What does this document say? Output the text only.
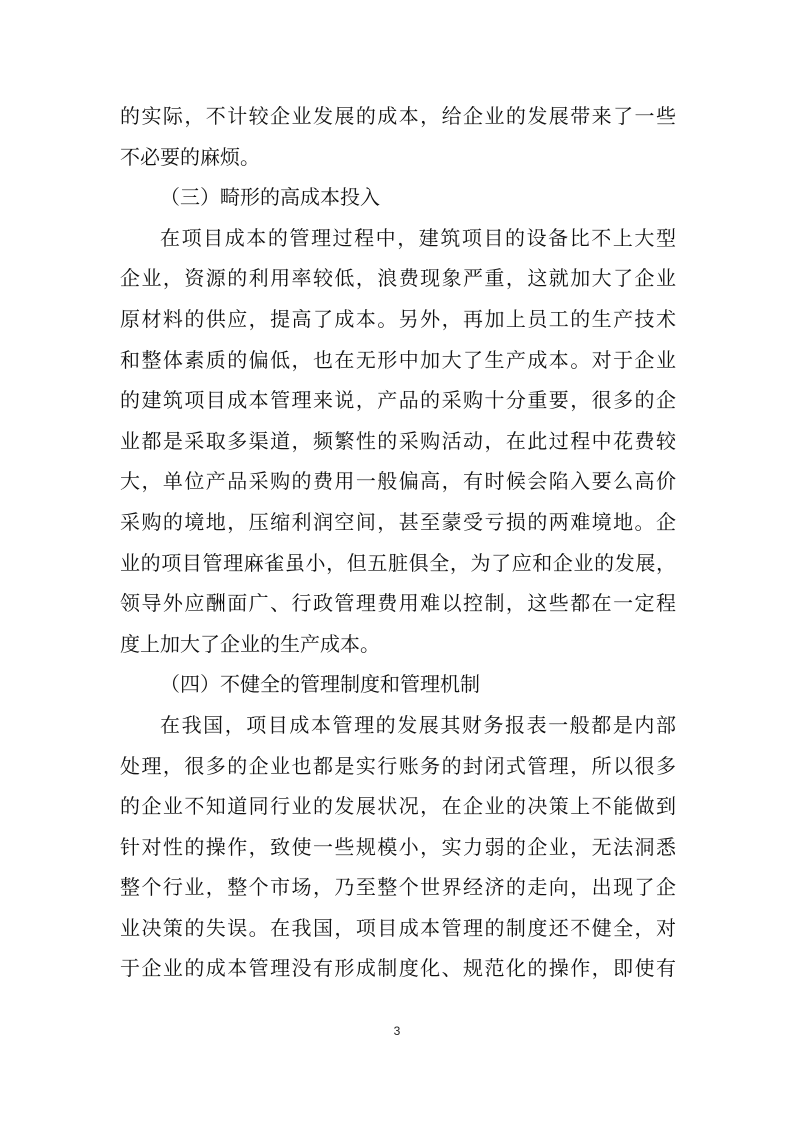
的实际，不计较企业发展的成本，给企业的发展带来了一些
不必要的麻烦。
（三）畸形的高成本投入
在项目成本的管理过程中，建筑项目的设备比不上大型
企业，资源的利用率较低，浪费现象严重，这就加大了企业
原材料的供应，提高了成本。另外，再加上员工的生产技术
和整体素质的偏低，也在无形中加大了生产成本。对于企业
的建筑项目成本管理来说，产品的采购十分重要，很多的企
业都是采取多渠道，频繁性的采购活动，在此过程中花费较
大，单位产品采购的费用一般偏高，有时候会陷入要么高价
采购的境地，压缩利润空间，甚至蒙受亏损的两难境地。企
业的项目管理麻雀虽小，但五脏俱全，为了应和企业的发展，
领导外应酬面广、行政管理费用难以控制，这些都在一定程
度上加大了企业的生产成本。
（四）不健全的管理制度和管理机制
在我国，项目成本管理的发展其财务报表一般都是内部
处理，很多的企业也都是实行账务的封闭式管理，所以很多
的企业不知道同行业的发展状况，在企业的决策上不能做到
针对性的操作，致使一些规模小，实力弱的企业，无法洞悉
整个行业，整个市场，乃至整个世界经济的走向，出现了企
业决策的失误。在我国，项目成本管理的制度还不健全，对
于企业的成本管理没有形成制度化、规范化的操作，即使有
3
